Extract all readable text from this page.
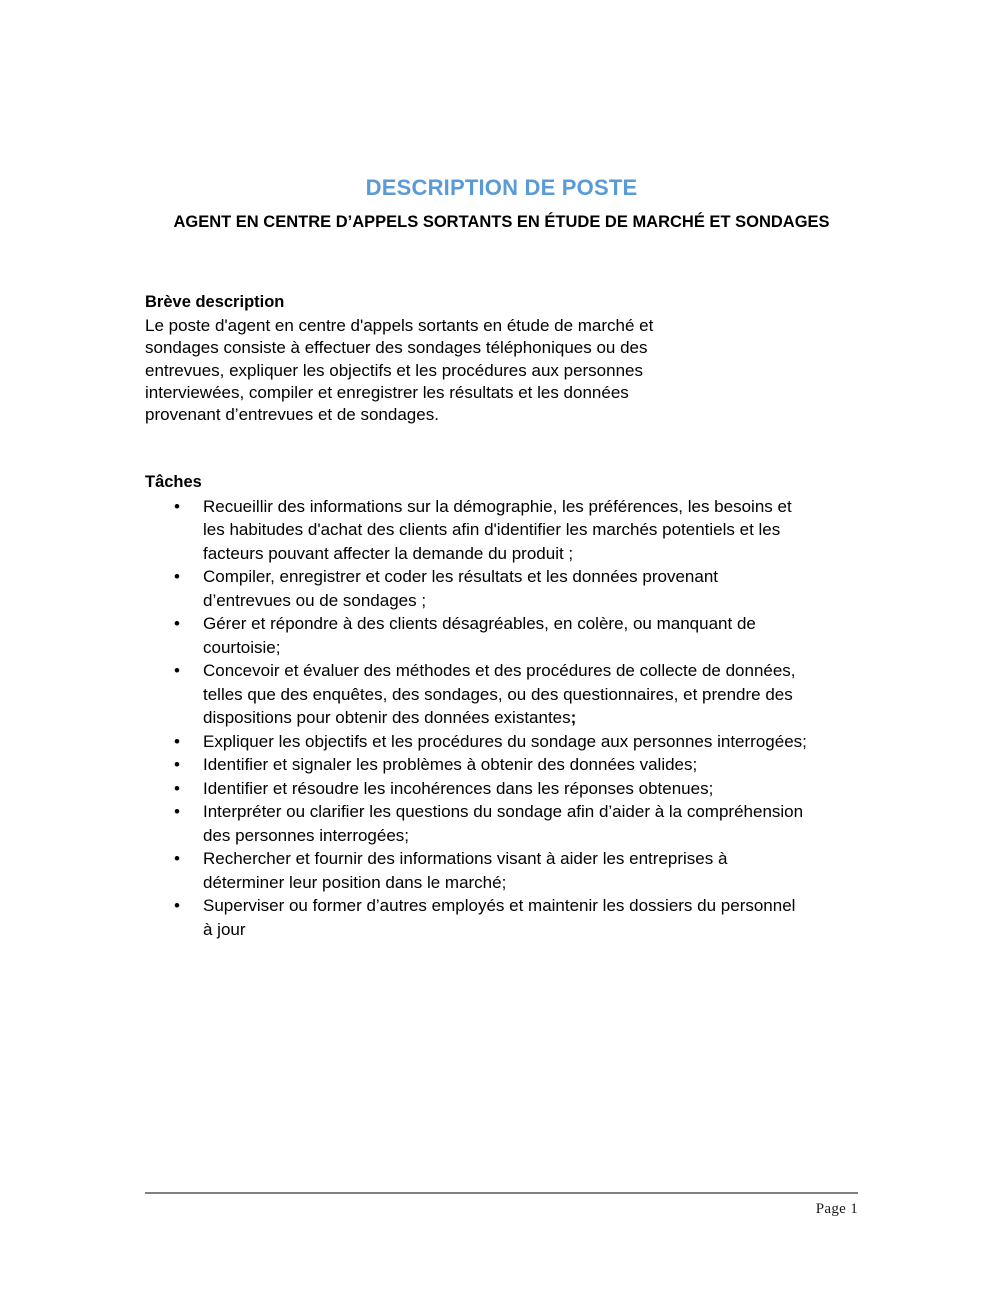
DESCRIPTION DE POSTE
AGENT EN CENTRE D’APPELS SORTANTS EN ÉTUDE DE MARCHÉ ET SONDAGES
Brève description

Le poste d'agent en centre d'appels sortants en étude de marché et sondages consiste à effectuer des sondages téléphoniques ou des entrevues, expliquer les objectifs et les procédures aux personnes interviewées, compiler et enregistrer les résultats et les données provenant d’entrevues et de sondages.

Tâches
• Recueillir des informations sur la démographie, les préférences, les besoins et les habitudes d'achat des clients afin d'identifier les marchés potentiels et les facteurs pouvant affecter la demande du produit ;
• Compiler, enregistrer et coder les résultats et les données provenant d’entrevues ou de sondages ;
• Gérer et répondre à des clients désagréables, en colère, ou manquant de courtoisie;
• Concevoir et évaluer des méthodes et des procédures de collecte de données, telles que des enquêtes, des sondages, ou des questionnaires, et prendre des dispositions pour obtenir des données existantes;
• Expliquer les objectifs et les procédures du sondage aux personnes interrogées;
• Identifier et signaler les problèmes à obtenir des données valides;
• Identifier et résoudre les incohérences dans les réponses obtenues;
• Interpréter ou clarifier les questions du sondage afin d’aider à la compréhension des personnes interrogées;
• Rechercher et fournir des informations visant à aider les entreprises à déterminer leur position dans le marché;
• Superviser ou former d’autres employés et maintenir les dossiers du personnel à jour

Page 1
